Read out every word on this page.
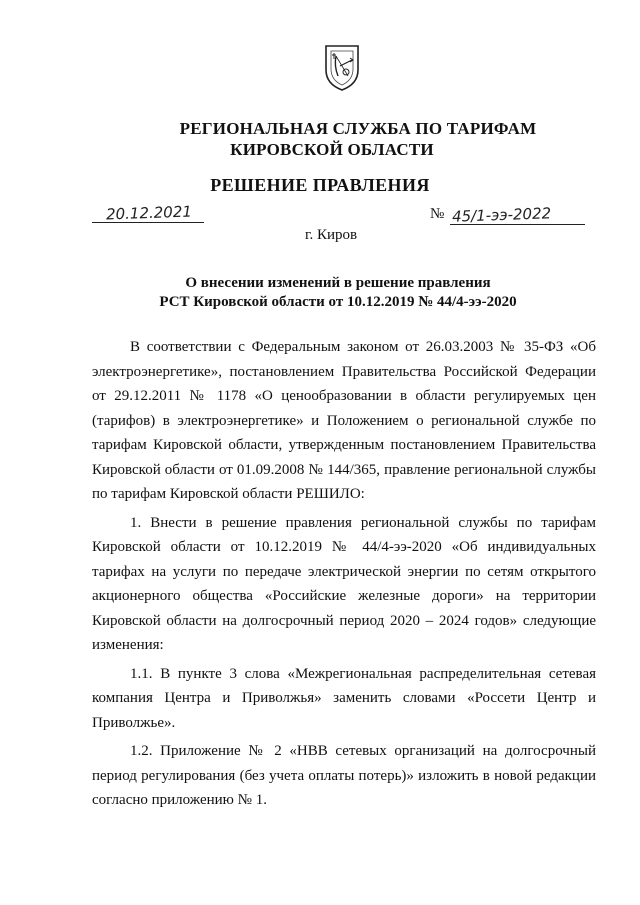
РЕГИОНАЛЬНАЯ СЛУЖБА ПО ТАРИФАМ
КИРОВСКОЙ ОБЛАСТИ
РЕШЕНИЕ ПРАВЛЕНИЯ
20.12.2021	№ 45/1-ээ-2022
г. Киров
О внесении изменений в решение правления
РСТ Кировской области от 10.12.2019 № 44/4-ээ-2020

В соответствии с Федеральным законом от 26.03.2003 № 35-ФЗ «Об электроэнергетике», постановлением Правительства Российской Федерации от 29.12.2011 № 1178 «О ценообразовании в области регулируемых цен (тарифов) в электроэнергетике» и Положением о региональной службе по тарифам Кировской области, утвержденным постановлением Правительства Кировской области от 01.09.2008 № 144/365, правление региональной службы по тарифам Кировской области РЕШИЛО:

1. Внести в решение правления региональной службы по тарифам Кировской области от 10.12.2019 № 44/4-ээ-2020 «Об индивидуальных тарифах на услуги по передаче электрической энергии по сетям открытого акционерного общества «Российские железные дороги» на территории Кировской области на долгосрочный период 2020 – 2024 годов» следующие изменения:

1.1. В пункте 3 слова «Межрегиональная распределительная сетевая компания Центра и Приволжья» заменить словами «Россети Центр и Приволжье».

1.2. Приложение № 2 «НВВ сетевых организаций на долгосрочный период регулирования (без учета оплаты потерь)» изложить в новой редакции согласно приложению № 1.
